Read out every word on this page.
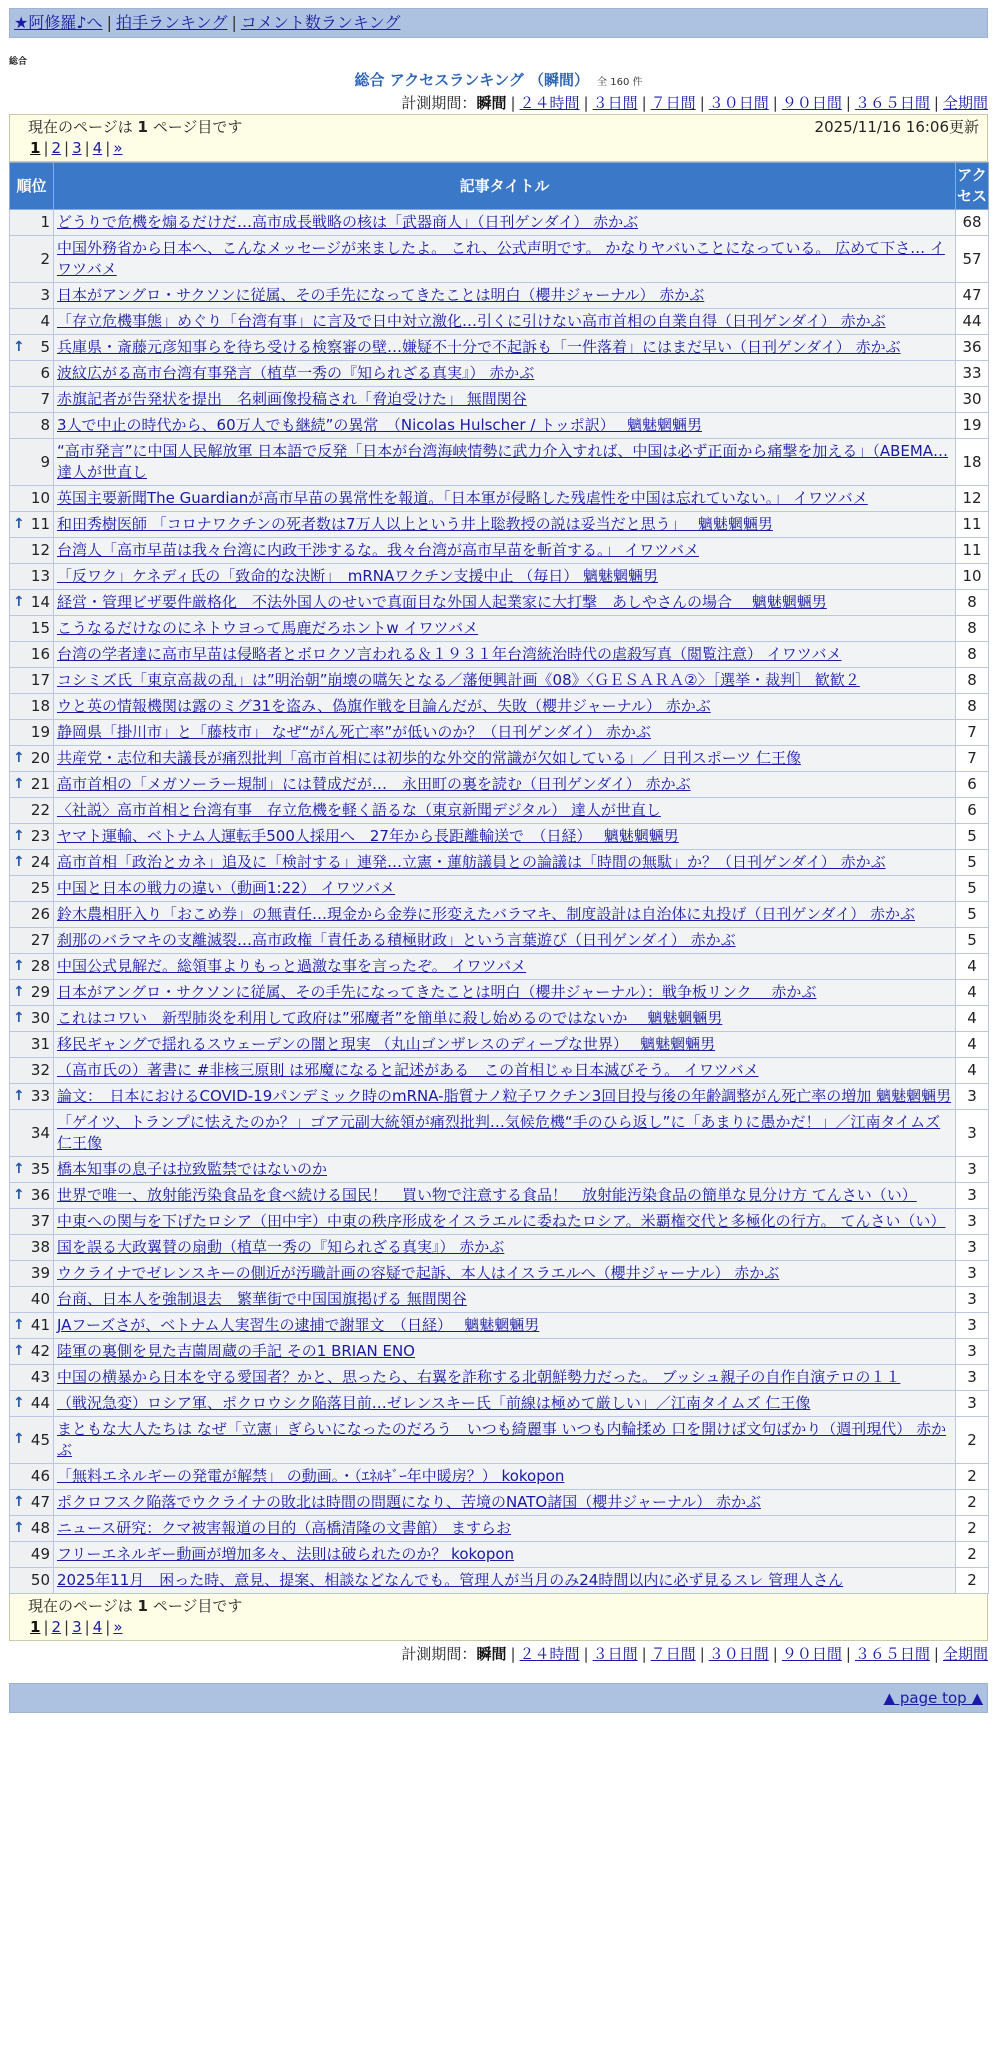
★阿修羅♪へ | 拍手ランキング | コメント数ランキング
総合
総合 アクセスランキング （瞬間） 全 160 件
計測期間：瞬間 | ２４時間 | ３日間 | ７日間 | ３０日間 | ９０日間 | ３６５日間 | 全期間
現在のページは 1 ページ目です	2025/11/16 16:06更新
1 | 2 | 3 | 4 | »
順位	記事タイトル	アクセス
1	どうりで危機を煽るだけだ…高市成長戦略の核は「武器商人」（日刊ゲンダイ） 赤かぶ	68
2	中国外務省から日本へ、こんなメッセージが来ましたよ。 これ、公式声明です。 かなりヤバいことになっている。 広めて下さ… イワツバメ	57
3	日本がアングロ・サクソンに従属、その手先になってきたことは明白（櫻井ジャーナル） 赤かぶ	47
4	「存立危機事態」めぐり「台湾有事」に言及で日中対立激化…引くに引けない高市首相の自業自得（日刊ゲンダイ） 赤かぶ	44

↑ 5	兵庫県・斎藤元彦知事らを待ち受ける検察審の壁…嫌疑不十分で不起訴も「一件落着」にはまだ早い（日刊ゲンダイ） 赤かぶ	36
6	波紋広がる高市台湾有事発言（植草一秀の『知られざる真実』） 赤かぶ	33
7	赤旗記者が告発状を提出　名刺画像投稿され「脅迫受けた」 無間関谷	30
8	3人で中止の時代から、60万人でも継続”の異常　（Nicolas Hulscher / トッポ訳）　 魑魅魍魎男	19
9	“高市発言”に中国人民解放軍 日本語で反発「日本が台湾海峡情勢に武力介入すれば、中国は必ず正面から痛撃を加える」（ABEMA… 達人が世直し	18
10	英国主要新聞The Guardianが高市早苗の異常性を報道。「日本軍が侵略した残虐性を中国は忘れていない。」 イワツバメ	12

↑ 11	和田秀樹医師 「コロナワクチンの死者数は7万人以上という井上聡教授の説は妥当だと思う」　 魑魅魍魎男	11
12	台湾人「高市早苗は我々台湾に内政干渉するな。我々台湾が高市早苗を斬首する。」 イワツバメ	11
13	「反ワク」ケネディ氏の「致命的な決断」　mRNAワクチン支援中止 （毎日） 魑魅魍魎男	10

↑ 14	経営・管理ビザ要件厳格化　不法外国人のせいで真面目な外国人起業家に大打撃　あしやさんの場合　 魑魅魍魎男	8
15	こうなるだけなのにネトウヨって馬鹿だろホントw イワツバメ	8
16	台湾の学者達に高市早苗は侵略者とボロクソ言われる＆１９３１年台湾統治時代の虐殺写真（閲覧注意） イワツバメ	8
17	コシミズ氏「東京高裁の乱」は”明治朝”崩壊の嚆矢となる／藩便興計画《08》〈ＧＥＳＡＲＡ②〉［選挙・裁判］ 歓歓２	8
18	ウと英の情報機関は露のミグ31を盗み、偽旗作戦を目論んだが、失敗（櫻井ジャーナル） 赤かぶ	8
19	静岡県「掛川市」と「藤枝市」 なぜ“がん死亡率”が低いのか？（日刊ゲンダイ） 赤かぶ	7

↑ 20	共産党・志位和夫議長が痛烈批判「高市首相には初歩的な外交的常識が欠如している」／ 日刊スポーツ 仁王像	7

↑ 21	高市首相の「メガソーラー規制」には賛成だが…　永田町の裏を読む（日刊ゲンダイ） 赤かぶ	6
22	〈社説〉高市首相と台湾有事　存立危機を軽く語るな（東京新聞デジタル） 達人が世直し	6

↑ 23	ヤマト運輸、ベトナム人運転手500人採用へ　27年から長距離輸送で　（日経）　 魑魅魍魎男	5

↑ 24	高市首相「政治とカネ」追及に「検討する」連発…立憲・蓮舫議員との論議は「時間の無駄」か？（日刊ゲンダイ） 赤かぶ	5
25	中国と日本の戦力の違い（動画1:22） イワツバメ	5
26	鈴木農相肝入り「おこめ券」の無責任…現金から金券に形変えたバラマキ、制度設計は自治体に丸投げ（日刊ゲンダイ） 赤かぶ	5
27	刹那のバラマキの支離滅裂…高市政権「責任ある積極財政」という言葉遊び（日刊ゲンダイ） 赤かぶ	5

↑ 28	中国公式見解だ。総領事よりもっと過激な事を言ったぞ。 イワツバメ	4

↑ 29	日本がアングロ・サクソンに従属、その手先になってきたことは明白（櫻井ジャーナル）：戦争板リンク　 赤かぶ	4

↑ 30	これはコワい　新型肺炎を利用して政府は”邪魔者”を簡単に殺し始めるのではないか　 魑魅魍魎男	4
31	移民ギャングで揺れるスウェーデンの闇と現実 （丸山ゴンザレスのディープな世界）　 魑魅魍魎男	4
32	（高市氏の）著書に #非核三原則 は邪魔になると記述がある　この首相じゃ日本滅びそう。 イワツバメ	4

↑ 33	論文：　日本におけるCOVID-19パンデミック時のmRNA-脂質ナノ粒子ワクチン3回目投与後の年齢調整がん死亡率の増加 魑魅魍魎男	3
34	「ゲイツ、トランプに怯えたのか？」ゴア元副大統領が痛烈批判…気候危機“手のひら返し”に「あまりに愚かだ！」／江南タイムズ 仁王像	3

↑ 35	橋本知事の息子は拉致監禁ではないのか	3

↑ 36	世界で唯一、放射能汚染食品を食べ続ける国民！　買い物で注意する食品！　放射能汚染食品の簡単な見分け方 てんさい（い）	3
37	中東への関与を下げたロシア（田中宇）中東の秩序形成をイスラエルに委ねたロシア。米覇権交代と多極化の行方。 てんさい（い）	3
38	国を誤る大政翼賛の扇動（植草一秀の『知られざる真実』） 赤かぶ	3
39	ウクライナでゼレンスキーの側近が汚職計画の容疑で起訴、本人はイスラエルへ（櫻井ジャーナル） 赤かぶ	3
40	台商、日本人を強制退去　繁華街で中国国旗掲げる 無間関谷	3

↑ 41	JAフーズさが、ベトナム人実習生の逮捕で謝罪文　（日経）　 魑魅魍魎男	3

↑ 42	陸軍の裏側を見た吉薗周蔵の手記 その1 BRIAN ENO	3
43	中国の横暴から日本を守る愛国者？かと、思ったら、右翼を詐称する北朝鮮勢力だった。 ブッシュ親子の自作自演テロの１１	3

↑ 44	（戦況急変）ロシア軍、ポクロウシク陥落目前…ゼレンスキー氏「前線は極めて厳しい」／江南タイムズ 仁王像	3

↑ 45	まともな大人たちは なぜ「立憲」ぎらいになったのだろう　いつも綺麗事 いつも内輪揉め 口を開けば文句ばかり（週刊現代） 赤かぶ	2
46	「無料エネルギーの発電が解禁」 の動画。・（ｴﾈﾙｷﾞｰ年中暖房？） kokopon	2

↑ 47	ポクロフスク陥落でウクライナの敗北は時間の問題になり、苦境のNATO諸国（櫻井ジャーナル） 赤かぶ	2

↑ 48	ニュース研究：クマ被害報道の目的（高橋清隆の文書館） ますらお	2
49	フリーエネルギー動画が増加多々、法則は破られたのか？ kokopon	2
50	2025年11月　困った時、意見、提案、相談などなんでも。管理人が当月のみ24時間以内に必ず見るスレ 管理人さん	2
現在のページは 1 ページ目です
1 | 2 | 3 | 4 | »
計測期間：瞬間 | ２４時間 | ３日間 | ７日間 | ３０日間 | ９０日間 | ３６５日間 | 全期間
▲ page top ▲
